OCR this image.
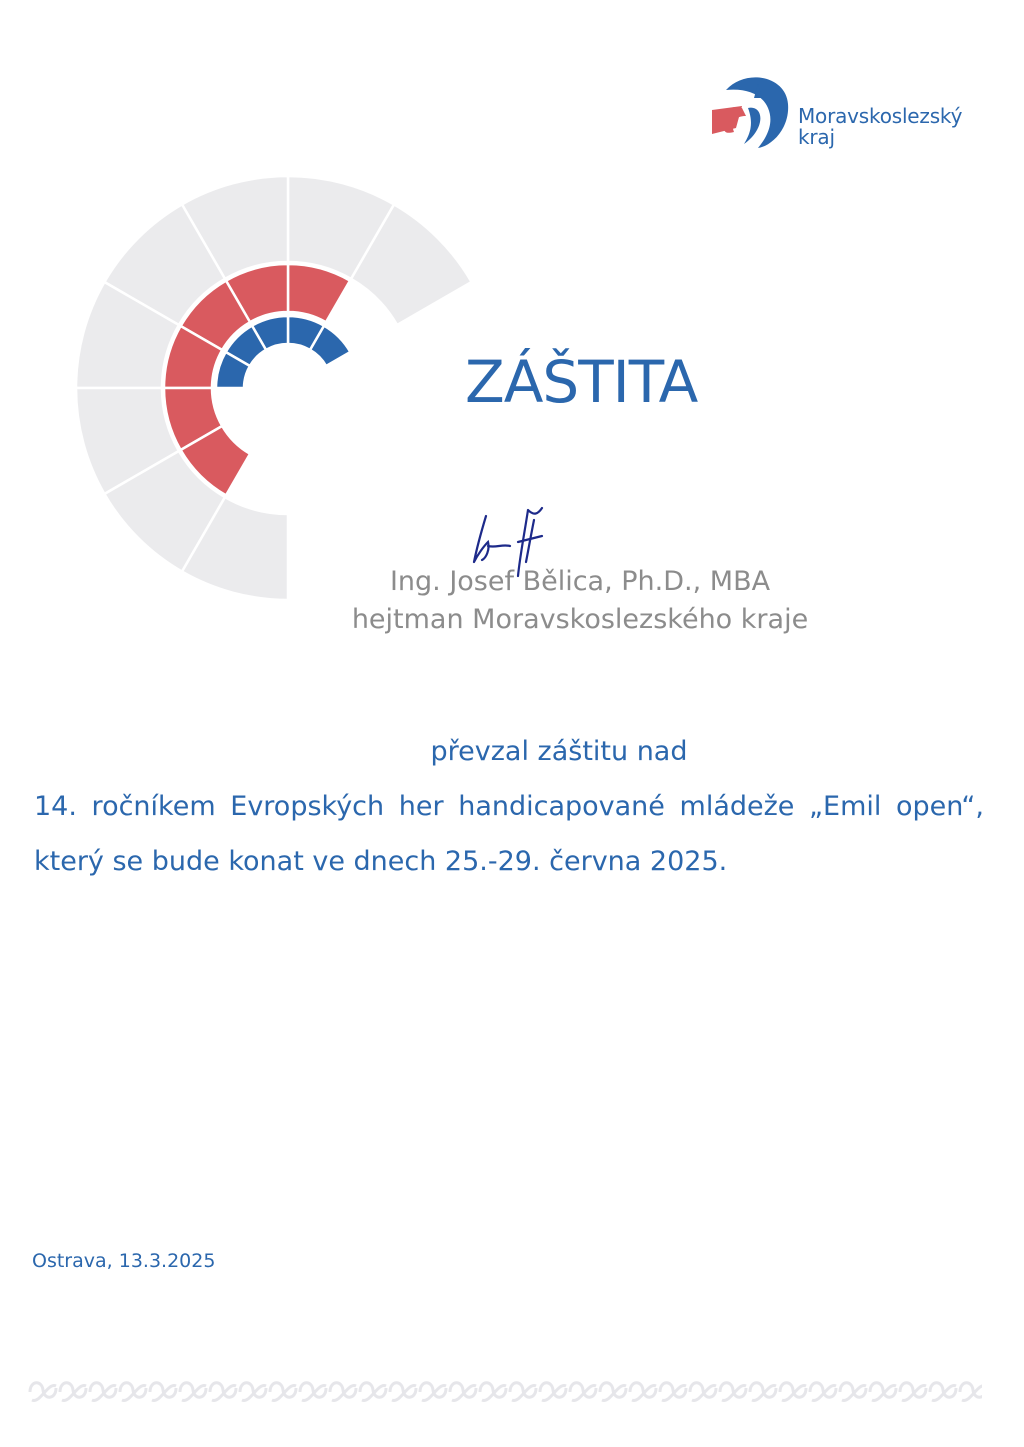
Moravskoslezský
kraj
ZÁŠTITA
Ing. Josef Bělica, Ph.D., MBA
hejtman Moravskoslezského kraje
převzal záštitu nad
14. ročníkem Evropských her handicapované mládeže „Emil open“,
který se bude konat ve dnech 25.-29. června 2025.
Ostrava, 13.3.2025
